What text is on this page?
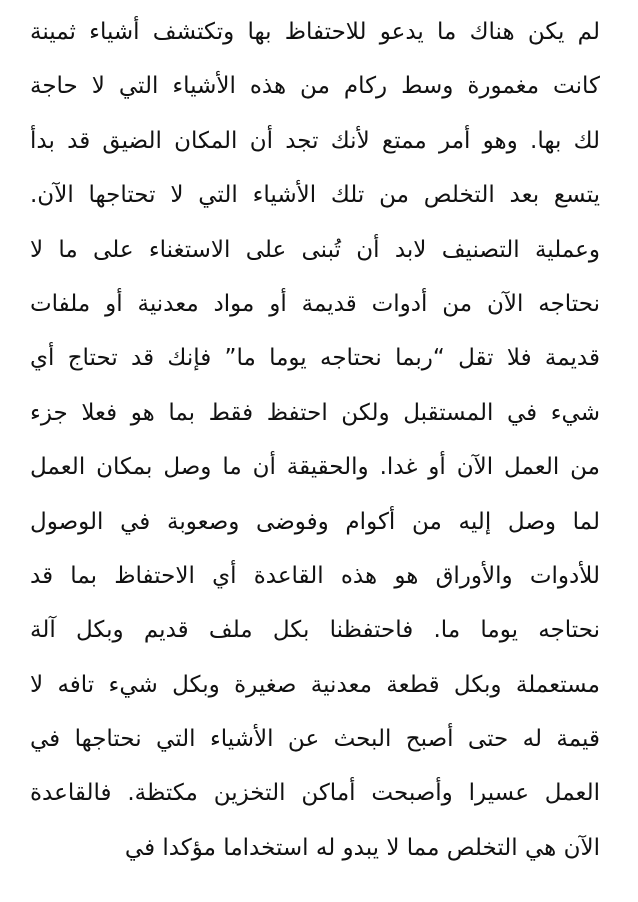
لم يكن هناك ما يدعو للاحتفاظ بها وتكتشف أشياء ثمينة
كانت مغمورة وسط ركام من هذه الأشياء التي لا حاجة
لك بها. وهو أمر ممتع لأنك تجد أن المكان الضيق قد بدأ
يتسع بعد التخلص من تلك الأشياء التي لا تحتاجها الآن.
وعملية التصنيف لابد أن تُبنى على الاستغناء على ما لا
نحتاجه الآن من أدوات قديمة أو مواد معدنية أو ملفات
قديمة فلا تقل “ربما نحتاجه يوما ما” فإنك قد تحتاج أي
شيء في المستقبل ولكن احتفظ فقط بما هو فعلا جزء
من العمل الآن أو غدا. والحقيقة أن ما وصل بمكان العمل
لما وصل إليه من أكوام وفوضى وصعوبة في الوصول
للأدوات والأوراق هو هذه القاعدة أي الاحتفاظ بما قد
نحتاجه يوما ما. فاحتفظنا بكل ملف قديم وبكل آلة
مستعملة وبكل قطعة معدنية صغيرة وبكل شيء تافه لا
قيمة له حتى أصبح البحث عن الأشياء التي نحتاجها في
العمل عسيرا وأصبحت أماكن التخزين مكتظة. فالقاعدة
الآن هي التخلص مما لا يبدو له استخداما مؤكدا في
